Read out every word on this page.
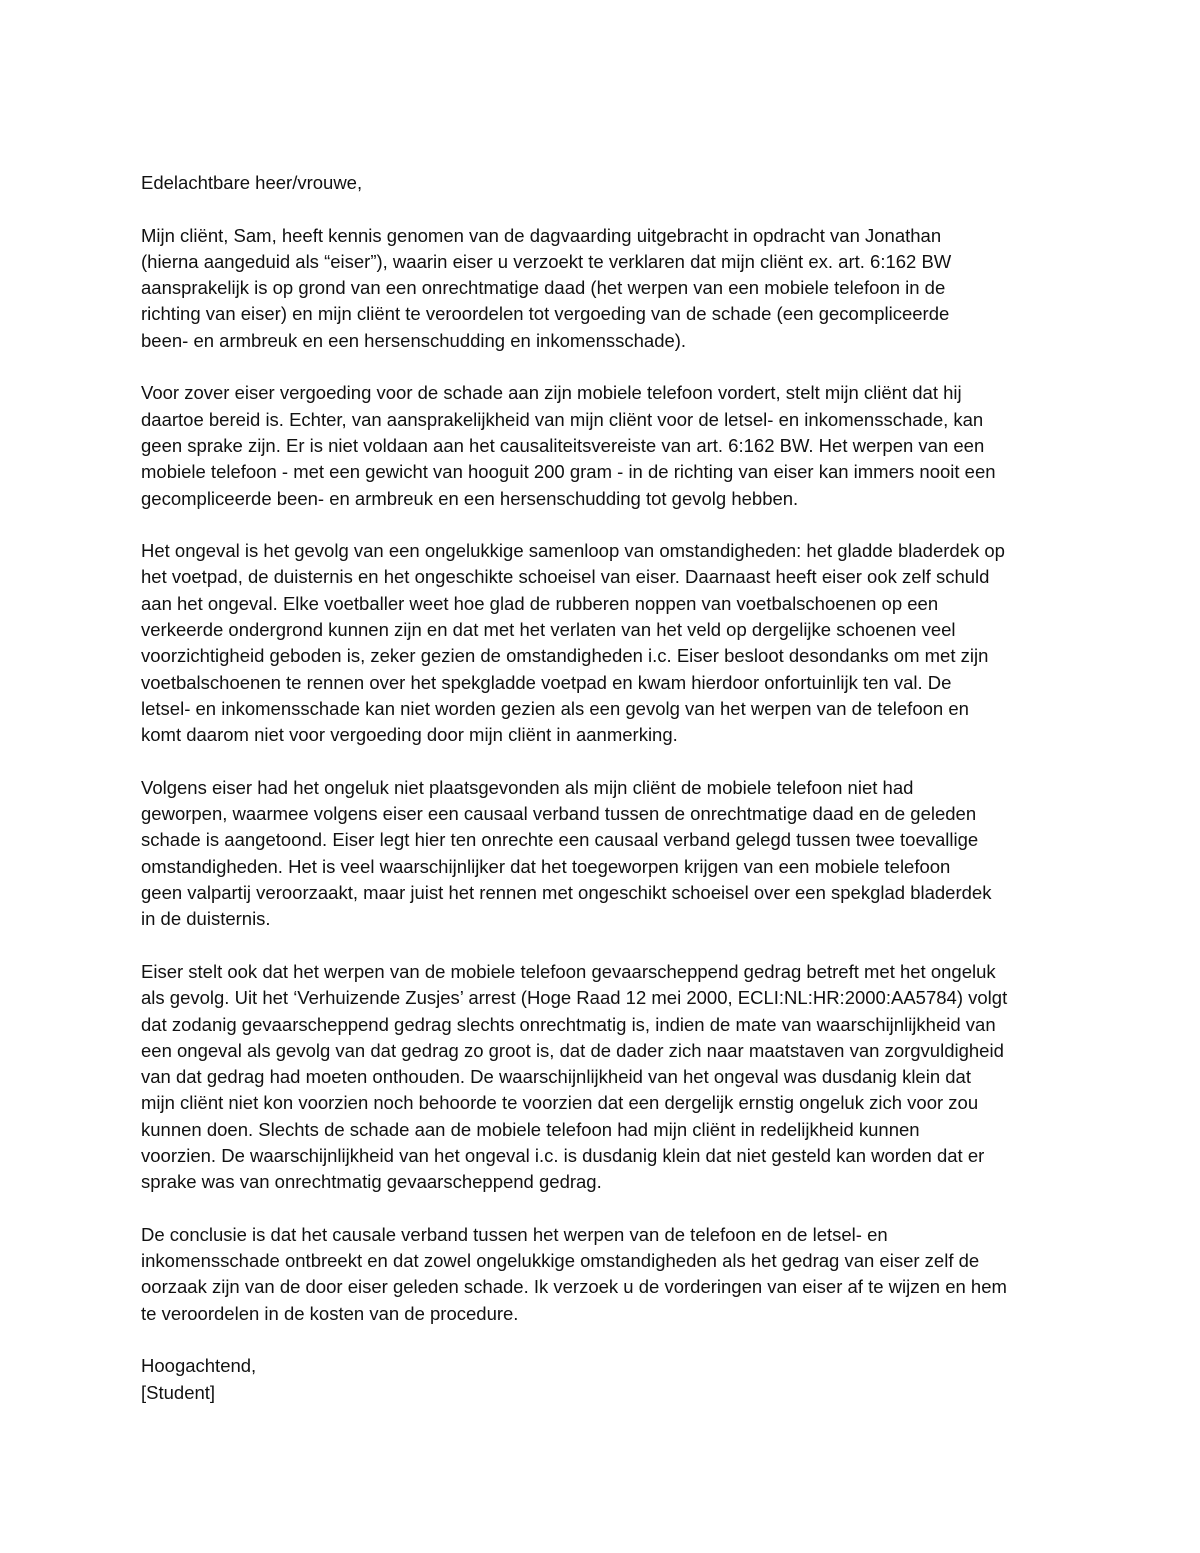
Edelachtbare heer/vrouwe,

Mijn cliënt, Sam, heeft kennis genomen van de dagvaarding uitgebracht in opdracht van Jonathan
(hierna aangeduid als “eiser”), waarin eiser u verzoekt te verklaren dat mijn cliënt ex. art. 6:162 BW
aansprakelijk is op grond van een onrechtmatige daad (het werpen van een mobiele telefoon in de
richting van eiser) en mijn cliënt te veroordelen tot vergoeding van de schade (een gecompliceerde
been- en armbreuk en een hersenschudding en inkomensschade).

Voor zover eiser vergoeding voor de schade aan zijn mobiele telefoon vordert, stelt mijn cliënt dat hij
daartoe bereid is. Echter, van aansprakelijkheid van mijn cliënt voor de letsel- en inkomensschade, kan
geen sprake zijn. Er is niet voldaan aan het causaliteitsvereiste van art. 6:162 BW. Het werpen van een
mobiele telefoon - met een gewicht van hooguit 200 gram - in de richting van eiser kan immers nooit een
gecompliceerde been- en armbreuk en een hersenschudding tot gevolg hebben.

Het ongeval is het gevolg van een ongelukkige samenloop van omstandigheden: het gladde bladerdek op
het voetpad, de duisternis en het ongeschikte schoeisel van eiser. Daarnaast heeft eiser ook zelf schuld
aan het ongeval. Elke voetballer weet hoe glad de rubberen noppen van voetbalschoenen op een
verkeerde ondergrond kunnen zijn en dat met het verlaten van het veld op dergelijke schoenen veel
voorzichtigheid geboden is, zeker gezien de omstandigheden i.c. Eiser besloot desondanks om met zijn
voetbalschoenen te rennen over het spekgladde voetpad en kwam hierdoor onfortuinlijk ten val. De
letsel- en inkomensschade kan niet worden gezien als een gevolg van het werpen van de telefoon en
komt daarom niet voor vergoeding door mijn cliënt in aanmerking.

Volgens eiser had het ongeluk niet plaatsgevonden als mijn cliënt de mobiele telefoon niet had
geworpen, waarmee volgens eiser een causaal verband tussen de onrechtmatige daad en de geleden
schade is aangetoond. Eiser legt hier ten onrechte een causaal verband gelegd tussen twee toevallige
omstandigheden. Het is veel waarschijnlijker dat het toegeworpen krijgen van een mobiele telefoon
geen valpartij veroorzaakt, maar juist het rennen met ongeschikt schoeisel over een spekglad bladerdek
in de duisternis.

Eiser stelt ook dat het werpen van de mobiele telefoon gevaarscheppend gedrag betreft met het ongeluk
als gevolg. Uit het ‘Verhuizende Zusjes’ arrest (Hoge Raad 12 mei 2000, ECLI:NL:HR:2000:AA5784) volgt
dat zodanig gevaarscheppend gedrag slechts onrechtmatig is, indien de mate van waarschijnlijkheid van
een ongeval als gevolg van dat gedrag zo groot is, dat de dader zich naar maatstaven van zorgvuldigheid
van dat gedrag had moeten onthouden. De waarschijnlijkheid van het ongeval was dusdanig klein dat
mijn cliënt niet kon voorzien noch behoorde te voorzien dat een dergelijk ernstig ongeluk zich voor zou
kunnen doen. Slechts de schade aan de mobiele telefoon had mijn cliënt in redelijkheid kunnen
voorzien. De waarschijnlijkheid van het ongeval i.c. is dusdanig klein dat niet gesteld kan worden dat er
sprake was van onrechtmatig gevaarscheppend gedrag.

De conclusie is dat het causale verband tussen het werpen van de telefoon en de letsel- en
inkomensschade ontbreekt en dat zowel ongelukkige omstandigheden als het gedrag van eiser zelf de
oorzaak zijn van de door eiser geleden schade. Ik verzoek u de vorderingen van eiser af te wijzen en hem
te veroordelen in de kosten van de procedure.

Hoogachtend,
[Student]
